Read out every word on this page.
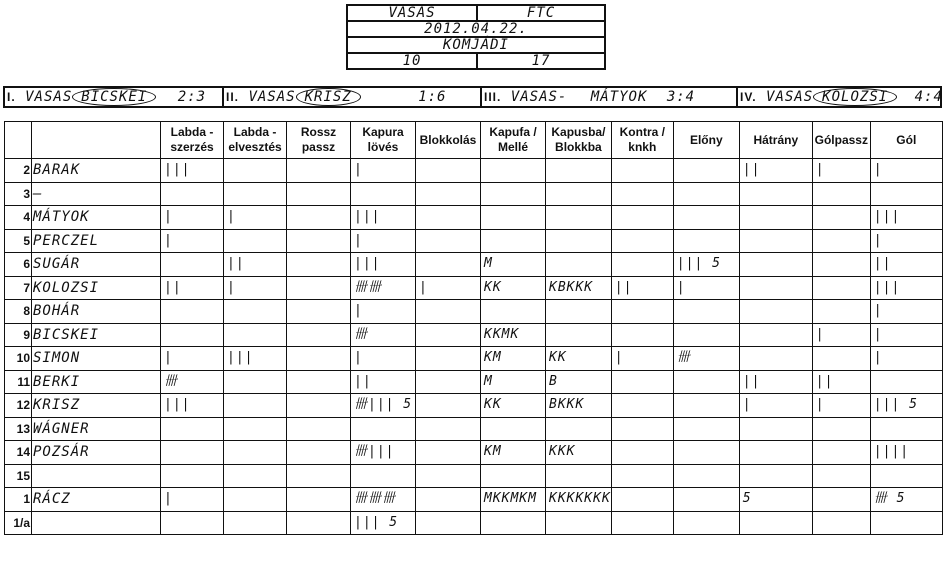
VASAS	FTC
2012.04.22.
KOMJÁDI
10	17
I. VASAS BICSKEI 2:3	II. VASAS KRISZ	1:6	III. VASAS- MÁTYOK 3:4	IV. VASAS KOLOZSI 4:4
		Labda - szerzés	Labda - elvesztés	Rossz passz	Kapura lövés	Blokkolás	Kapufa / Mellé	Kapusba/ Blokkba	Kontra / knkh	Előny	Hátrány	Gólpassz	Gól
2	BARAK	|||			|						||	|	|
3	—												
4	MÁTYOK	|	|		|||								|||
5	PERCZEL	|			|								|
6	SUGÁR		||		|||		M			||| 5			||
7	KOLOZSI	||	|		卌卌	|	KK	KBKKK	||	|			|||
8	BOHÁR				|								|
9	BICSKEI				卌		KKMK					|	|
10	SIMON	|	|||		|		KM	KK	|	卌			|
11	BERKI	卌			||		M	B			||	||	
12	KRISZ	|||			卌||| 5		KK	BKKK			|	|	||| 5
13	WÁGNER												
14	POZSÁR				卌|||		KM	KKK					||||
15													
1	RÁCZ	|			卌卌卌		MKKMKM	KKKKKKK			5		卌 5
1/a					||| 5								
